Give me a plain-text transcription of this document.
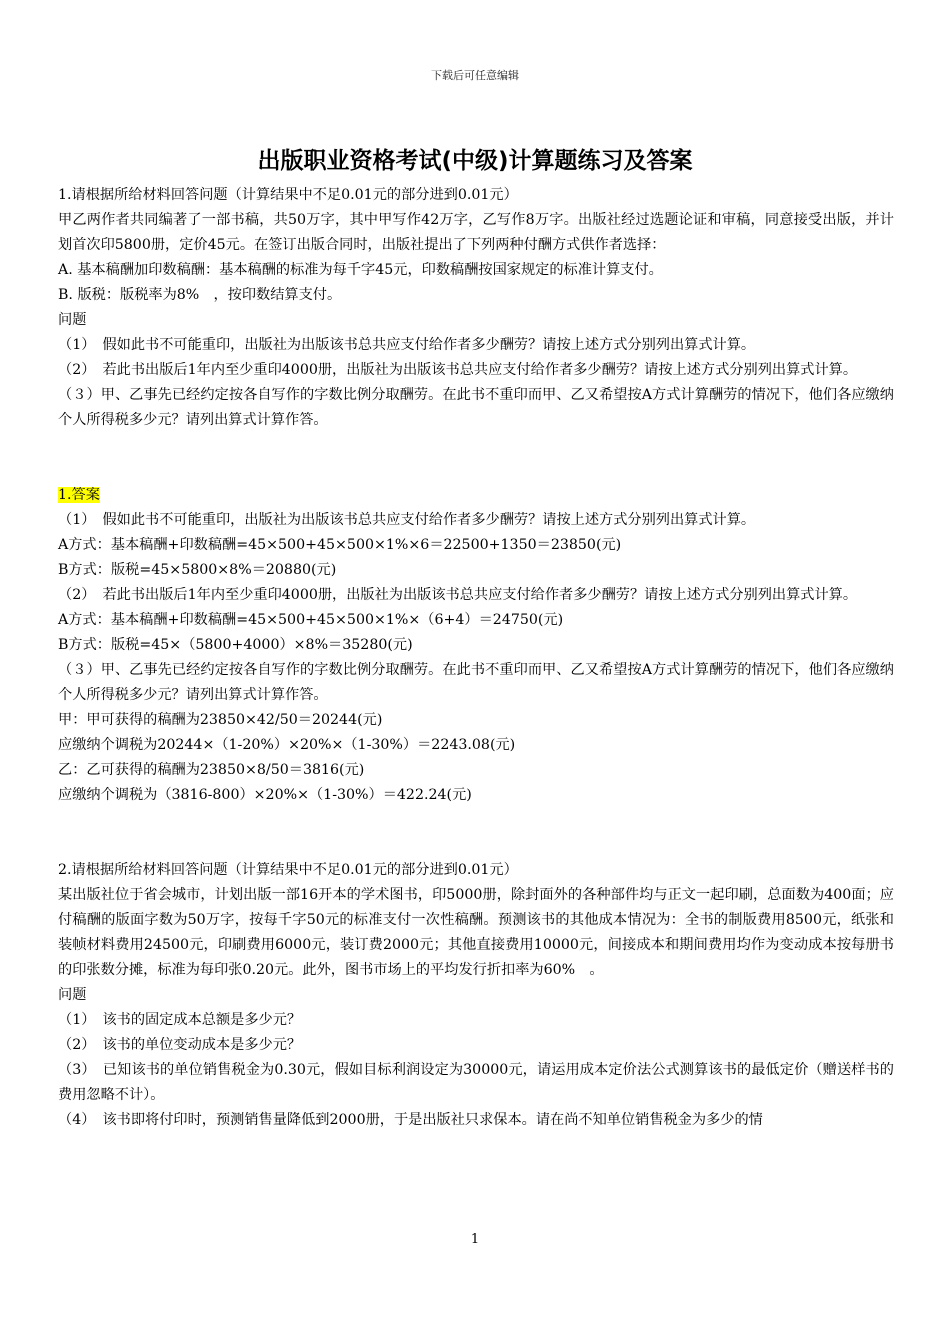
下载后可任意编辑
出版职业资格考试(中级)计算题练习及答案

1.请根据所给材料回答问题（计算结果中不足0.01元的部分进到0.01元）

甲乙两作者共同编著了一部书稿，共50万字，其中甲写作42万字，乙写作8万字。出版社经过选题论证和审稿，同意接受出版，并计划首次印5800册，定价45元。在签订出版合同时，出版社提出了下列两种付酬方式供作者选择：

A. 基本稿酬加印数稿酬：基本稿酬的标准为每千字45元，印数稿酬按国家规定的标准计算支付。

B. 版税：版税率为8%　，按印数结算支付。

问题

（1）　假如此书不可能重印，出版社为出版该书总共应支付给作者多少酬劳？请按上述方式分别列出算式计算。

（2）　若此书出版后1年内至少重印4000册，出版社为出版该书总共应支付给作者多少酬劳？请按上述方式分别列出算式计算。

（３）甲、乙事先已经约定按各自写作的字数比例分取酬劳。在此书不重印而甲、乙又希望按A方式计算酬劳的情况下，他们各应缴纳个人所得税多少元？请列出算式计算作答。

1.答案

（1）　假如此书不可能重印，出版社为出版该书总共应支付给作者多少酬劳？请按上述方式分别列出算式计算。

A方式：基本稿酬+印数稿酬=45×500+45×500×1%×6＝22500+1350＝23850(元)

B方式：版税=45×5800×8%＝20880(元)

（2）　若此书出版后1年内至少重印4000册，出版社为出版该书总共应支付给作者多少酬劳？请按上述方式分别列出算式计算。

A方式：基本稿酬+印数稿酬=45×500+45×500×1%×（6+4）＝24750(元)

B方式：版税=45×（5800+4000）×8%＝35280(元)

（３）甲、乙事先已经约定按各自写作的字数比例分取酬劳。在此书不重印而甲、乙又希望按A方式计算酬劳的情况下，他们各应缴纳个人所得税多少元？请列出算式计算作答。

甲：甲可获得的稿酬为23850×42/50＝20244(元)

应缴纳个调税为20244×（1-20%）×20%×（1-30%）＝2243.08(元)

乙：乙可获得的稿酬为23850×8/50＝3816(元)

应缴纳个调税为（3816-800）×20%×（1-30%）＝422.24(元)

2.请根据所给材料回答问题（计算结果中不足0.01元的部分进到0.01元）

某出版社位于省会城市，计划出版一部16开本的学术图书，印5000册，除封面外的各种部件均与正文一起印刷，总面数为400面；应付稿酬的版面字数为50万字，按每千字50元的标准支付一次性稿酬。预测该书的其他成本情况为：全书的制版费用8500元，纸张和装帧材料费用24500元，印刷费用6000元，装订费2000元；其他直接费用10000元，间接成本和期间费用均作为变动成本按每册书的印张数分摊，标准为每印张0.20元。此外，图书市场上的平均发行折扣率为60%　。

问题

（1）　该书的固定成本总额是多少元？

（2）　该书的单位变动成本是多少元？

（3）　已知该书的单位销售税金为0.30元，假如目标利润设定为30000元，请运用成本定价法公式测算该书的最低定价（赠送样书的费用忽略不计）。

（4）　该书即将付印时，预测销售量降低到2000册，于是出版社只求保本。请在尚不知单位销售税金为多少的情

1
